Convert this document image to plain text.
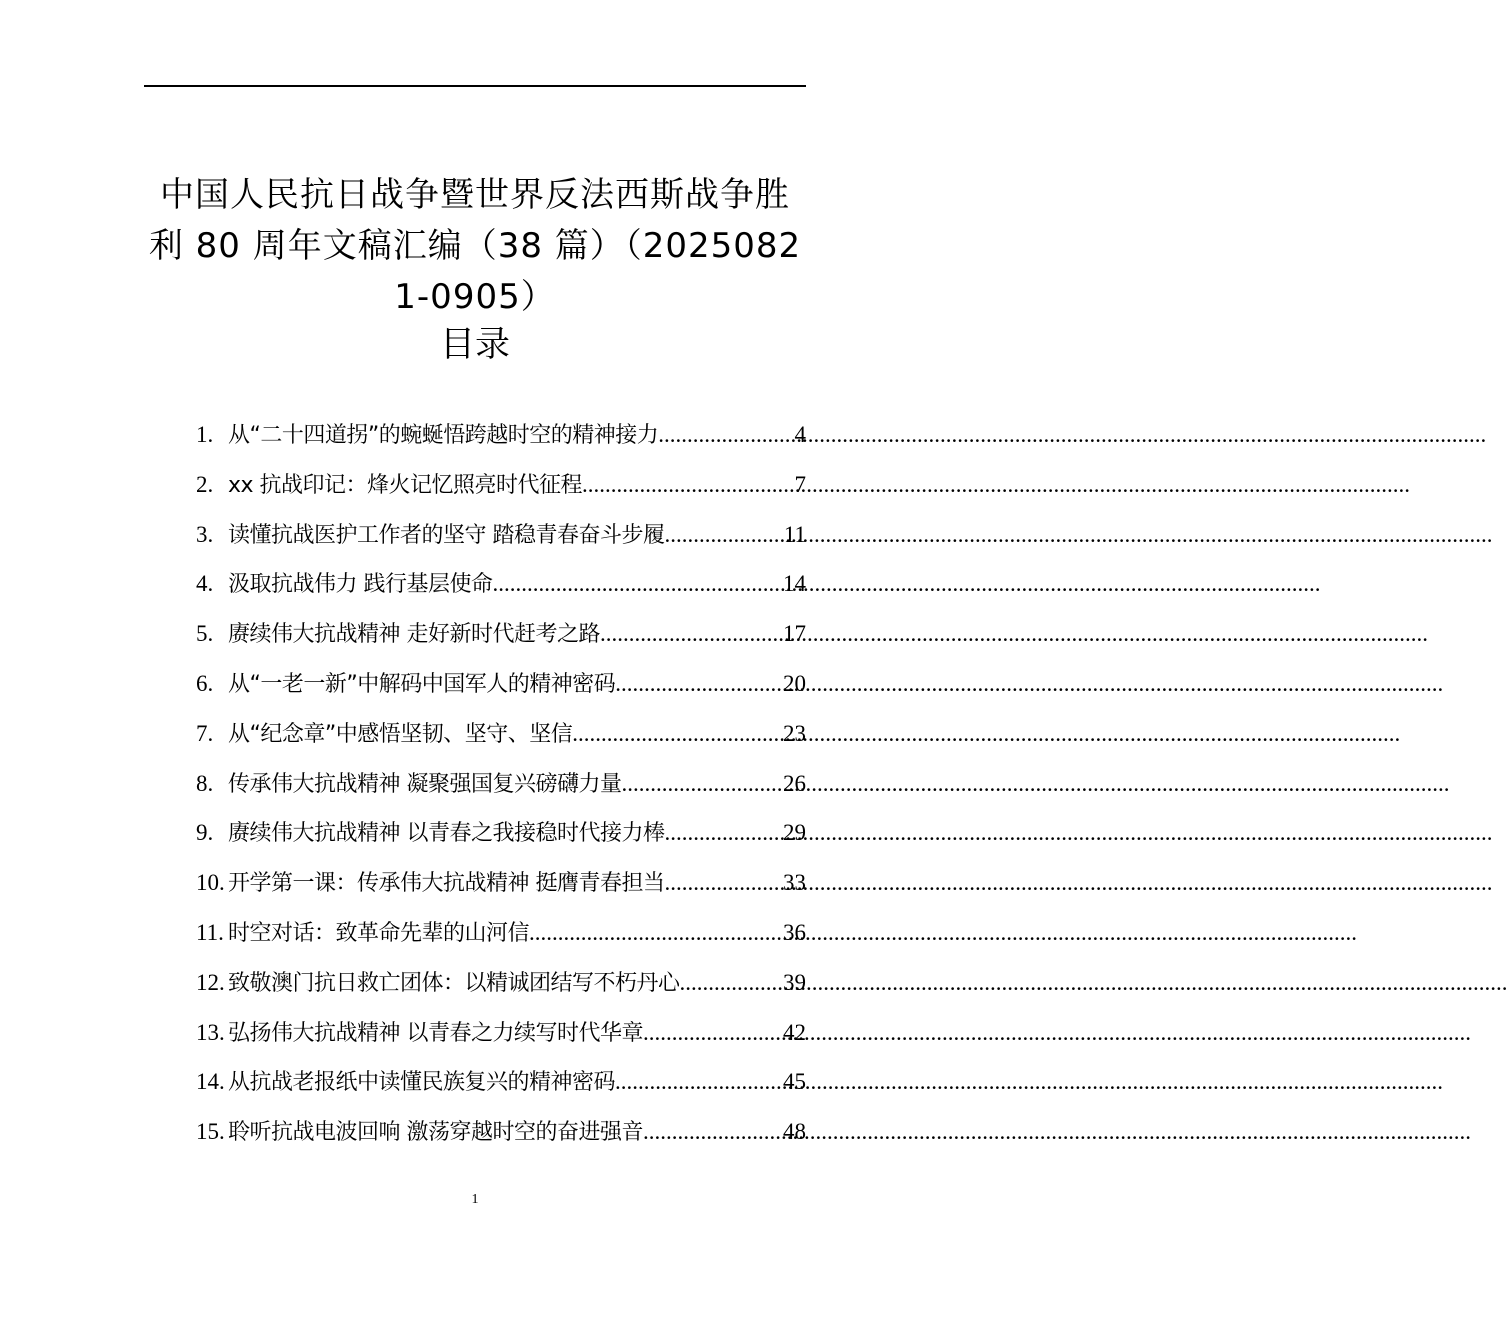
中国人民抗日战争暨世界反法西斯战争胜
利 80 周年文稿汇编（38 篇）（2025082
1-0905）
目录
1. 从“二十四道拐”的蜿蜒悟跨越时空的精神接力 .....	4
2. xx 抗战印记：烽火记忆照亮时代征程 .....	7
3. 读懂抗战医护工作者的坚守 踏稳青春奋斗步履 .....	11
4. 汲取抗战伟力 践行基层使命 .....	14
5. 赓续伟大抗战精神 走好新时代赶考之路 .....	17
6. 从“一老一新”中解码中国军人的精神密码 .....	20
7. 从“纪念章”中感悟坚韧、坚守、坚信 .....	23
8. 传承伟大抗战精神 凝聚强国复兴磅礴力量 .....	26
9. 赓续伟大抗战精神 以青春之我接稳时代接力棒 .....	29
10. 开学第一课：传承伟大抗战精神 挺膺青春担当 .....	33
11. 时空对话：致革命先辈的山河信 .....	36
12. 致敬澳门抗日救亡团体：以精诚团结写不朽丹心 .....	39
13. 弘扬伟大抗战精神 以青春之力续写时代华章 .....	42
14. 从抗战老报纸中读懂民族复兴的精神密码 .....	45
15. 聆听抗战电波回响 激荡穿越时空的奋进强音 .....	48
1
